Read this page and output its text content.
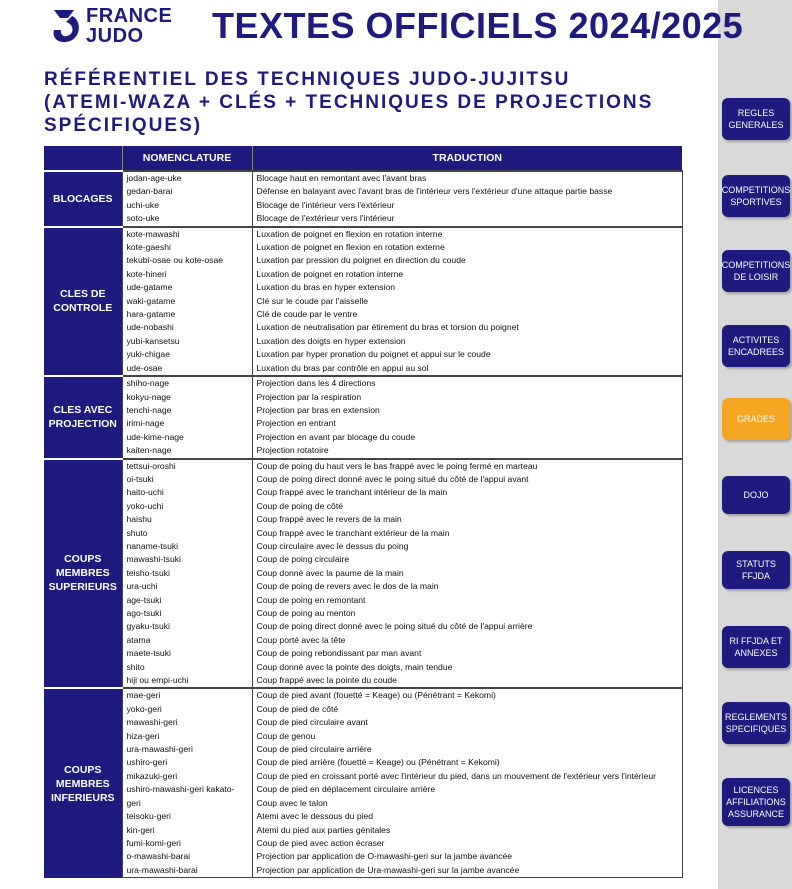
FRANCE
JUDO	TEXTES OFFICIELS 2024/2025
RÉFÉRENTIEL DES TECHNIQUES JUDO-JUJITSU
(ATEMI-WAZA + CLÉS + TECHNIQUES DE PROJECTIONS
SPÉCIFIQUES)
	NOMENCLATURE	TRADUCTION
BLOCAGES	jodan-age-uke	Blocage haut en remontant avec l'avant bras
	gedan-barai	Défense en balayant avec l'avant bras de l'intérieur vers l'extérieur d'une attaque partie basse
	uchi-uke	Blocage de l'intérieur vers l'extérieur
	soto-uke	Blocage de l'extérieur vers l'intérieur
CLES DE CONTROLE	kote-mawashi	Luxation de poignet en flexion en rotation interne
	kote-gaeshi	Luxation de poignet en flexion en rotation externe
	tekubi-osae ou kote-osae	Luxation par pression du poignet en direction du coude
	kote-hineri	Luxation de poignet en rotation interne
	ude-gatame	Luxation du bras en hyper extension
	waki-gatame	Clé sur le coude par l'aisselle
	hara-gatame	Clé de coude par le ventre
	ude-nobashi	Luxation de neutralisation par étirement du bras et torsion du poignet
	yubi-kansetsu	Luxation des doigts en hyper extension
	yuki-chigae	Luxation par hyper pronation du poignet et appui sur le coude
	ude-osae	Luxation du bras par contrôle en appui au sol
CLES AVEC PROJECTION	shiho-nage	Projection dans les 4 directions
	kokyu-nage	Projection par la respiration
	tenchi-nage	Projection par bras en extension
	irimi-nage	Projection en entrant
	ude-kime-nage	Projection en avant par blocage du coude
	kaiten-nage	Projection rotatoire
COUPS MEMBRES SUPERIEURS	tettsui-oroshi	Coup de poing du haut vers le bas frappé avec le poing fermé en marteau
	oi-tsuki	Coup de poing direct donné avec le poing situé du côté de l'appui avant
	haito-uchi	Coup frappé avec le tranchant intérieur de la main
	yoko-uchi	Coup de poing de côté
	haishu	Coup frappé avec le revers de la main
	shuto	Coup frappé avec le tranchant extérieur de la main
	naname-tsuki	Coup circulaire avec le dessus du poing
	mawashi-tsuki	Coup de poing circulaire
	teisho-tsuki	Coup donné avec la paume de la main
	ura-uchi	Coup de poing de revers avec le dos de la main
	age-tsuki	Coup de poing en remontant
	ago-tsuki	Coup de poing au menton
	gyaku-tsuki	Coup de poing direct donné avec le poing situé du côté de l'appui arrière
	atama	Coup porté avec la tête
	maete-tsuki	Coup de poing rebondissant par man avant
	shito	Coup donné avec la pointe des doigts, main tendue
	hiji ou empi-uchi	Coup frappé avec la pointe du coude
COUPS MEMBRES INFERIEURS	mae-geri	Coup de pied avant (fouetté = Keage) ou (Pénétrant = Kekomi)
	yoko-geri	Coup de pied de côté
	mawashi-geri	Coup de pied circulaire avant
	hiza-geri	Coup de genou
	ura-mawashi-geri	Coup de pied circulaire arrière
	ushiro-geri	Coup de pied arrière (fouetté = Keage) ou (Pénétrant = Kekomi)
	mikazuki-geri	Coup de pied en croissant porté avec l'intérieur du pied, dans un mouvement de l'extérieur vers l'intérieur
	ushiro-mawashi-geri kakato-	Coup de pied en déplacement circulaire arrière
	geri	Coup avec le talon
	teisoku-geri	Atemi avec le dessous du pied
	kin-geri	Atemi du pied aux parties génitales
	fumi-komi-geri	Coup de pied avec action écraser
	o-mawashi-barai	Projection par application de O-mawashi-geri sur la jambe avancée
	ura-mawashi-barai	Projection par application de Ura-mawashi-geri sur la jambe avancée
REGLES GENERALES
COMPETITIONS SPORTIVES
COMPETITIONS DE LOISIR
ACTIVITES ENCADREES
GRADES
DOJO
STATUTS FFJDA
RI FFJDA ET ANNEXES
REGLEMENTS SPECIFIQUES
LICENCES AFFILIATIONS ASSURANCE
